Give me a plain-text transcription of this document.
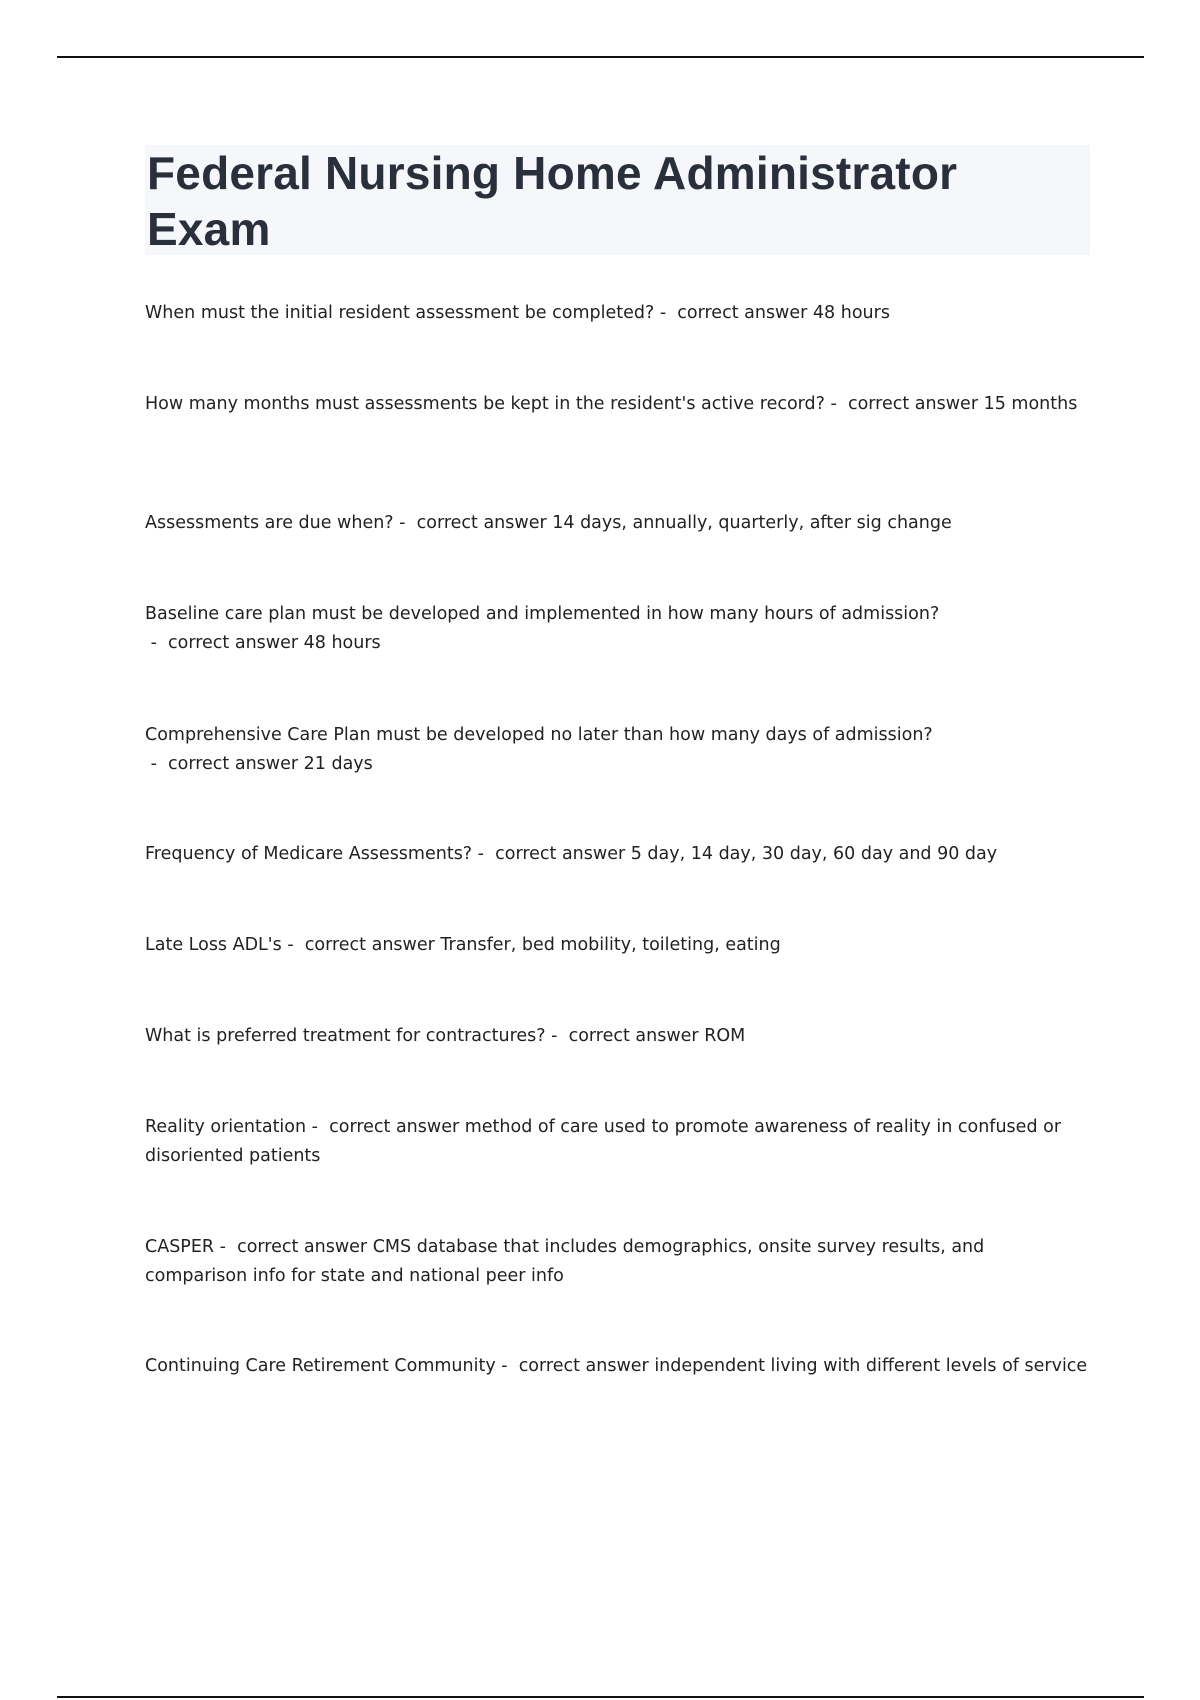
Federal Nursing Home Administrator Exam

When must the initial resident assessment be completed? -  correct answer 48 hours

How many months must assessments be kept in the resident's active record? -  correct answer 15 months

Assessments are due when? -  correct answer 14 days, annually, quarterly, after sig change

Baseline care plan must be developed and implemented in how many hours of admission? -  correct answer 48 hours

Comprehensive Care Plan must be developed no later than how many days of admission? -  correct answer 21 days

Frequency of Medicare Assessments? -  correct answer 5 day, 14 day, 30 day, 60 day and 90 day

Late Loss ADL's -  correct answer Transfer, bed mobility, toileting, eating

What is preferred treatment for contractures? -  correct answer ROM

Reality orientation -  correct answer method of care used to promote awareness of reality in confused or disoriented patients

CASPER -  correct answer CMS database that includes demographics, onsite survey results, and comparison info for state and national peer info

Continuing Care Retirement Community -  correct answer independent living with different levels of service
